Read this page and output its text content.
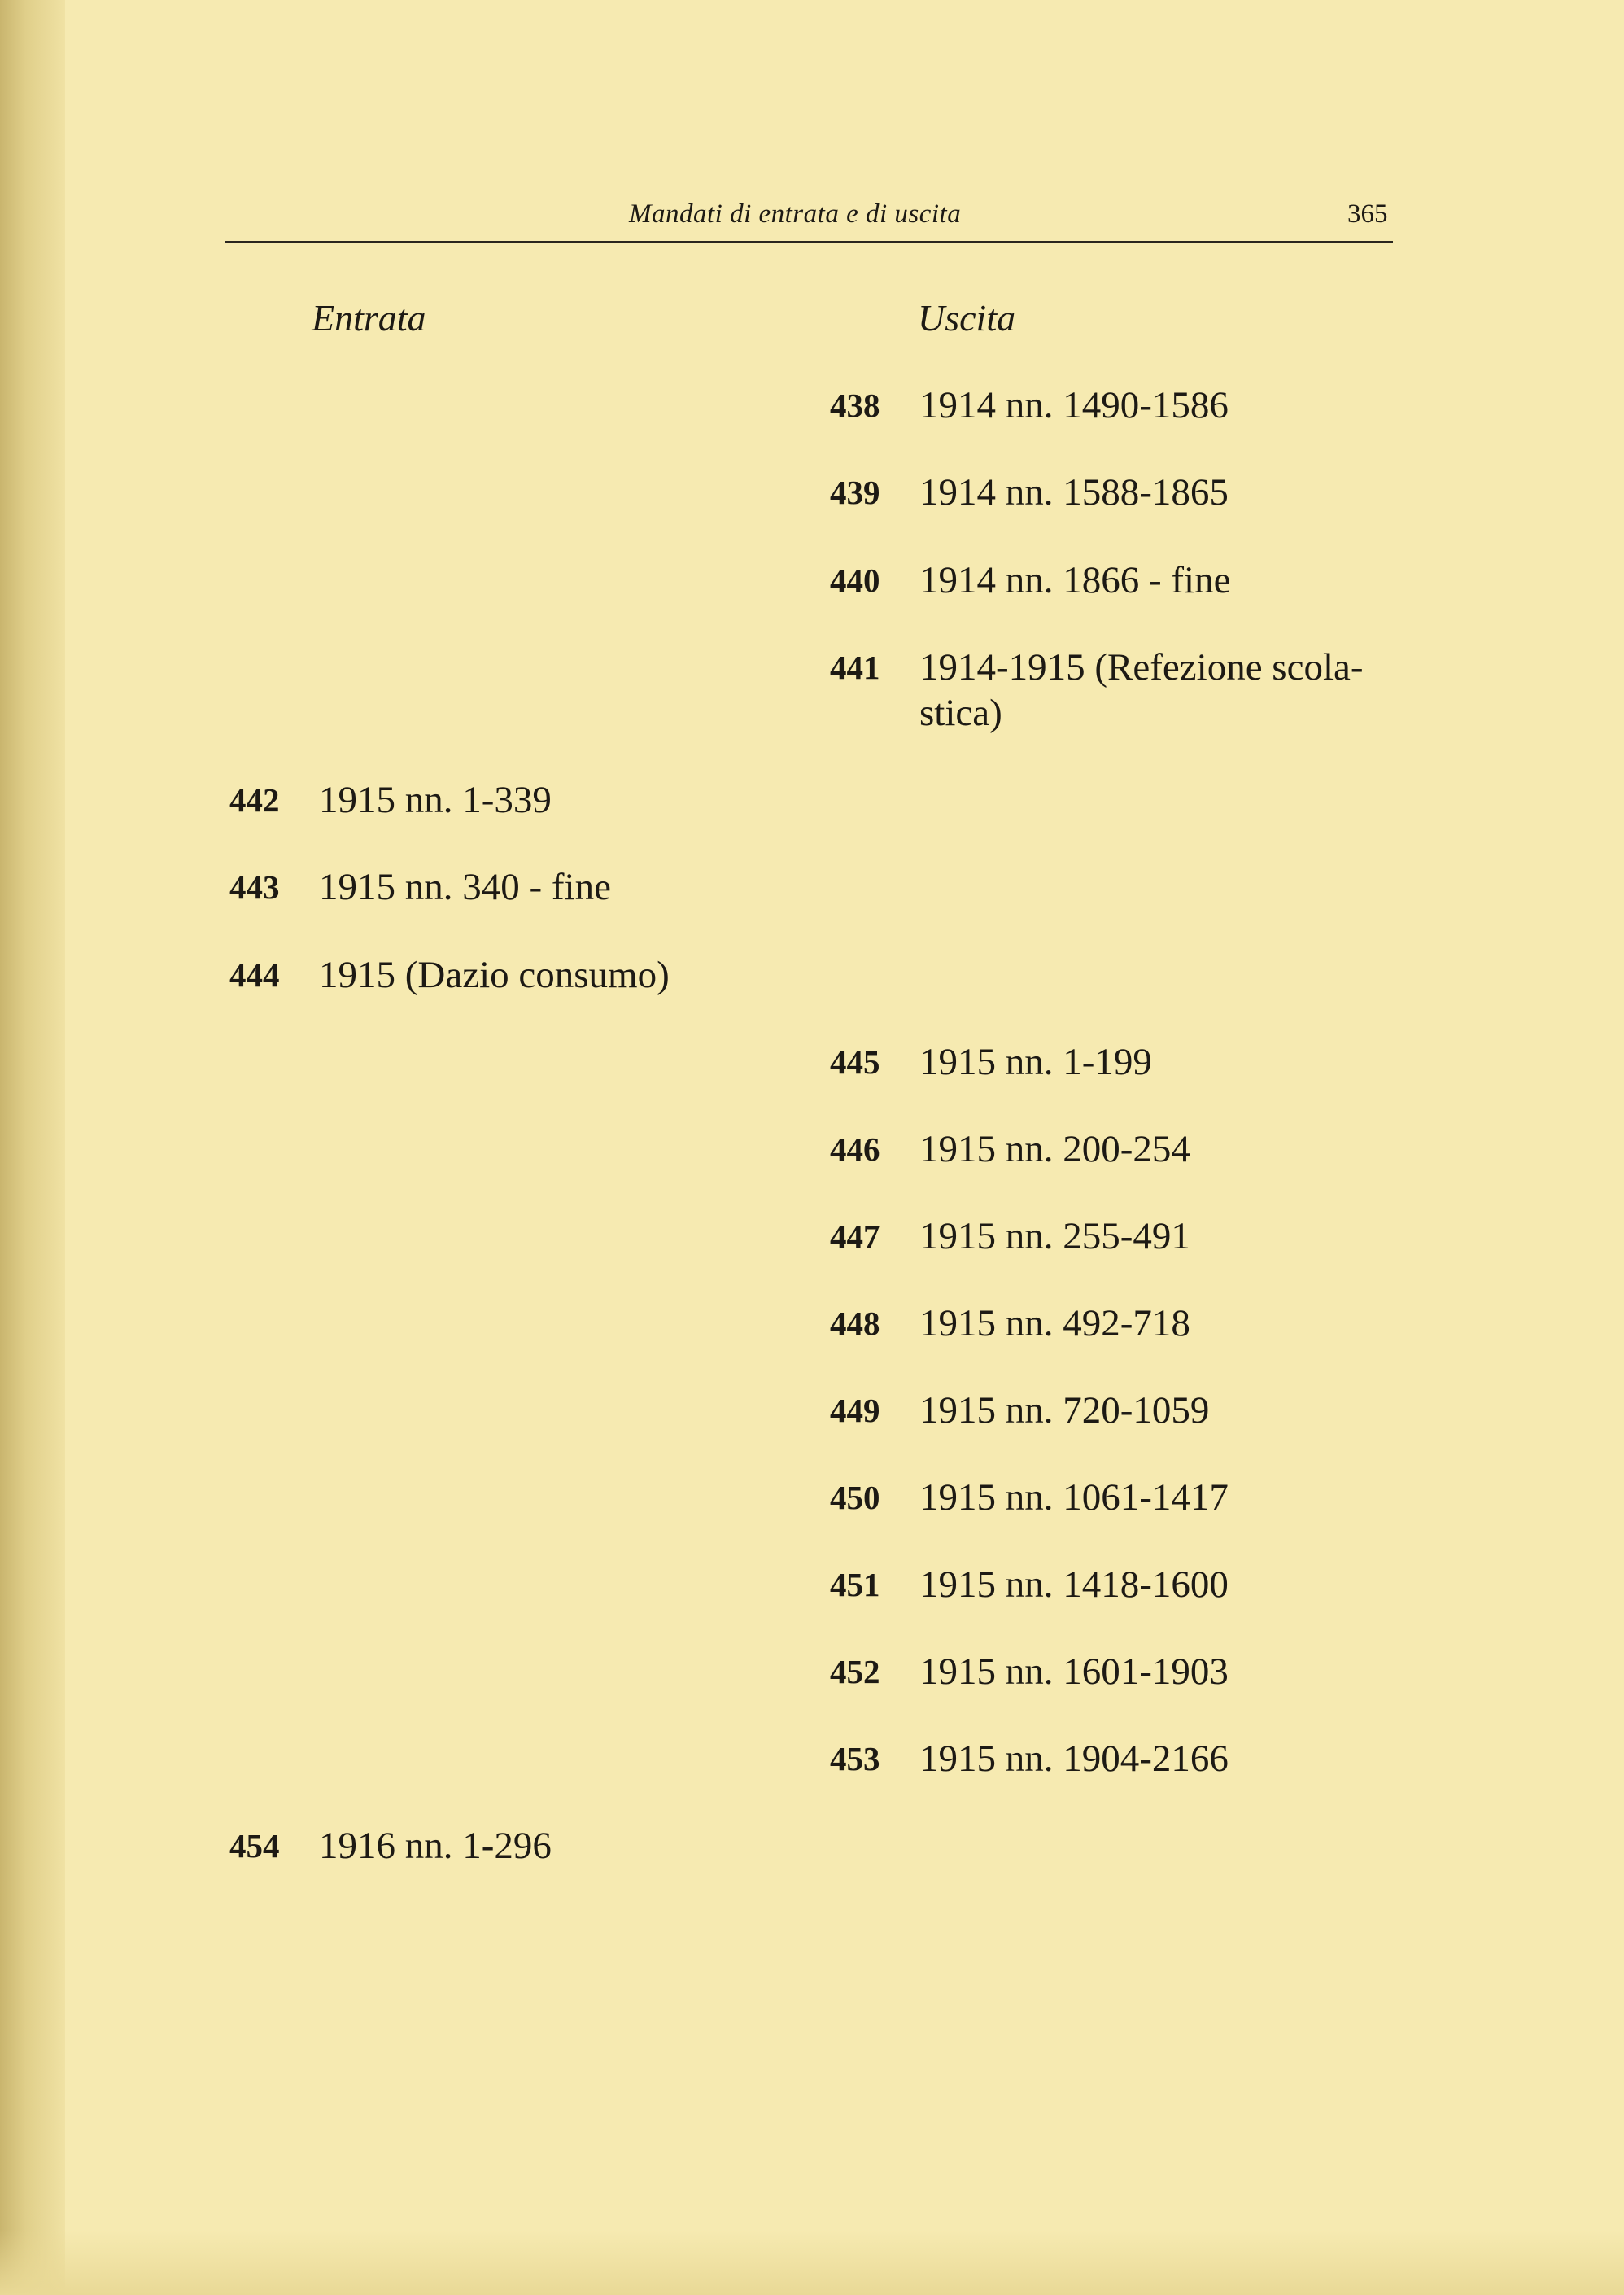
Mandati di entrata e di uscita	365
Entrata	Uscita
442 1915 nn. 1-339
443 1915 nn. 340 - fine
444 1915 (Dazio consumo)
454 1916 nn. 1-296
438 1914 nn. 1490-1586
439 1914 nn. 1588-1865
440 1914 nn. 1866 - fine
441 1914-1915 (Refezione scola-
stica)
445 1915 nn. 1-199
446 1915 nn. 200-254
447 1915 nn. 255-491
448 1915 nn. 492-718
449 1915 nn. 720-1059
450 1915 nn. 1061-1417
451 1915 nn. 1418-1600
452 1915 nn. 1601-1903
453 1915 nn. 1904-2166
